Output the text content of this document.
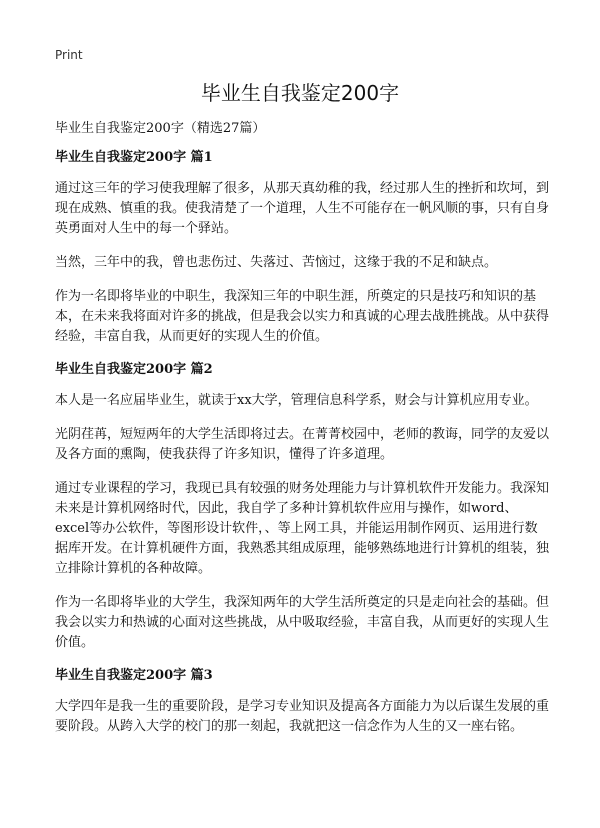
Print
毕业生自我鉴定200字

毕业生自我鉴定200字（精选27篇）

毕业生自我鉴定200字 篇1

通过这三年的学习使我理解了很多，从那天真幼稚的我，经过那人生的挫折和坎坷，到现在成熟、慎重的我。使我清楚了一个道理，人生不可能存在一帆风顺的事，只有自身英勇面对人生中的每一个驿站。

当然，三年中的我，曾也悲伤过、失落过、苦恼过，这缘于我的不足和缺点。

作为一名即将毕业的中职生，我深知三年的中职生涯，所奠定的只是技巧和知识的基本，在未来我将面对许多的挑战，但是我会以实力和真诚的心理去战胜挑战。从中获得经验，丰富自我，从而更好的实现人生的价值。

毕业生自我鉴定200字 篇2

本人是一名应届毕业生，就读于xx大学，管理信息科学系，财会与计算机应用专业。

光阴荏苒，短短两年的大学生活即将过去。在菁菁校园中，老师的教诲，同学的友爱以及各方面的熏陶，使我获得了许多知识，懂得了许多道理。

通过专业课程的学习，我现已具有较强的财务处理能力与计算机软件开发能力。我深知未来是计算机网络时代，因此，我自学了多种计算机软件应用与操作，如word、excel等办公软件，等图形设计软件，、等上网工具，并能运用制作网页、运用进行数据库开发。在计算机硬件方面，我熟悉其组成原理，能够熟练地进行计算机的组装，独立排除计算机的各种故障。

作为一名即将毕业的大学生，我深知两年的大学生活所奠定的只是走向社会的基础。但我会以实力和热诚的心面对这些挑战，从中吸取经验，丰富自我，从而更好的实现人生价值。

毕业生自我鉴定200字 篇3

大学四年是我一生的重要阶段，是学习专业知识及提高各方面能力为以后谋生发展的重要阶段。从跨入大学的校门的那一刻起，我就把这一信念作为人生的又一座右铭。
